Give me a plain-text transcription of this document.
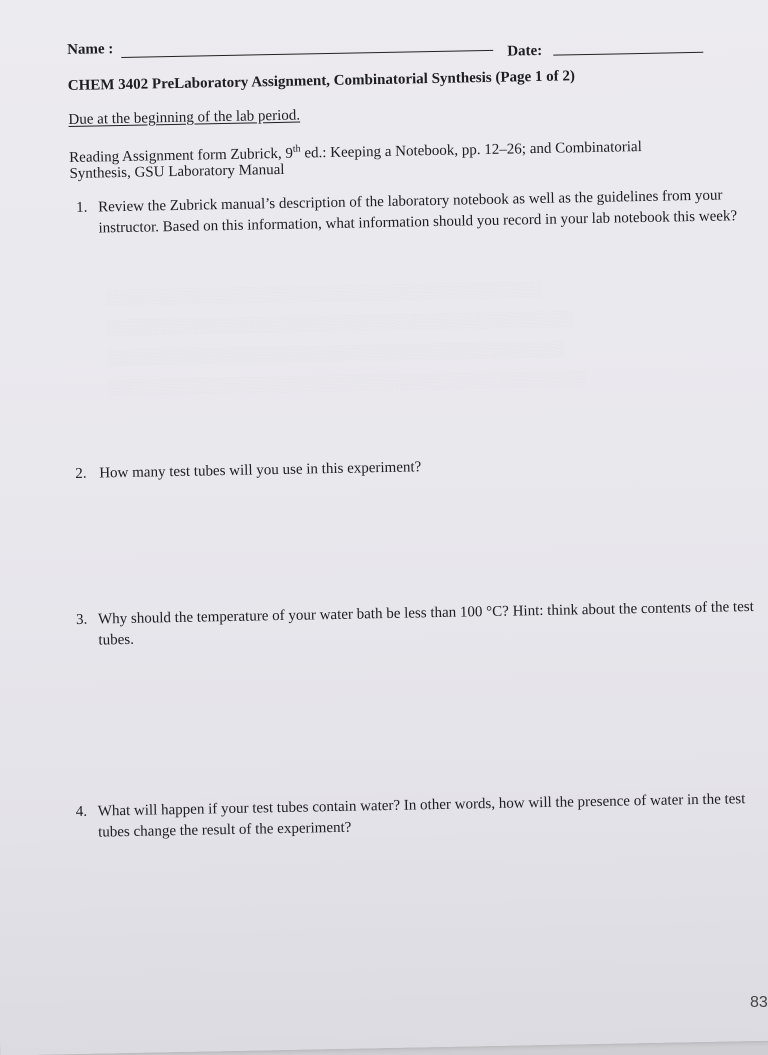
Name :	Date:
CHEM 3402 PreLaboratory Assignment, Combinatorial Synthesis (Page 1 of 2)
Due at the beginning of the lab period.
Reading Assignment form Zubrick, 9th ed.: Keeping a Notebook, pp. 12–26; and Combinatorial
Synthesis, GSU Laboratory Manual
1. Review the Zubrick manual’s description of the laboratory notebook as well as the guidelines from your instructor. Based on this information, what information should you record in your lab notebook this week?
2. How many test tubes will you use in this experiment?
3. Why should the temperature of your water bath be less than 100 °C? Hint: think about the contents of the test tubes.
4. What will happen if your test tubes contain water? In other words, how will the presence of water in the test tubes change the result of the experiment?
83
